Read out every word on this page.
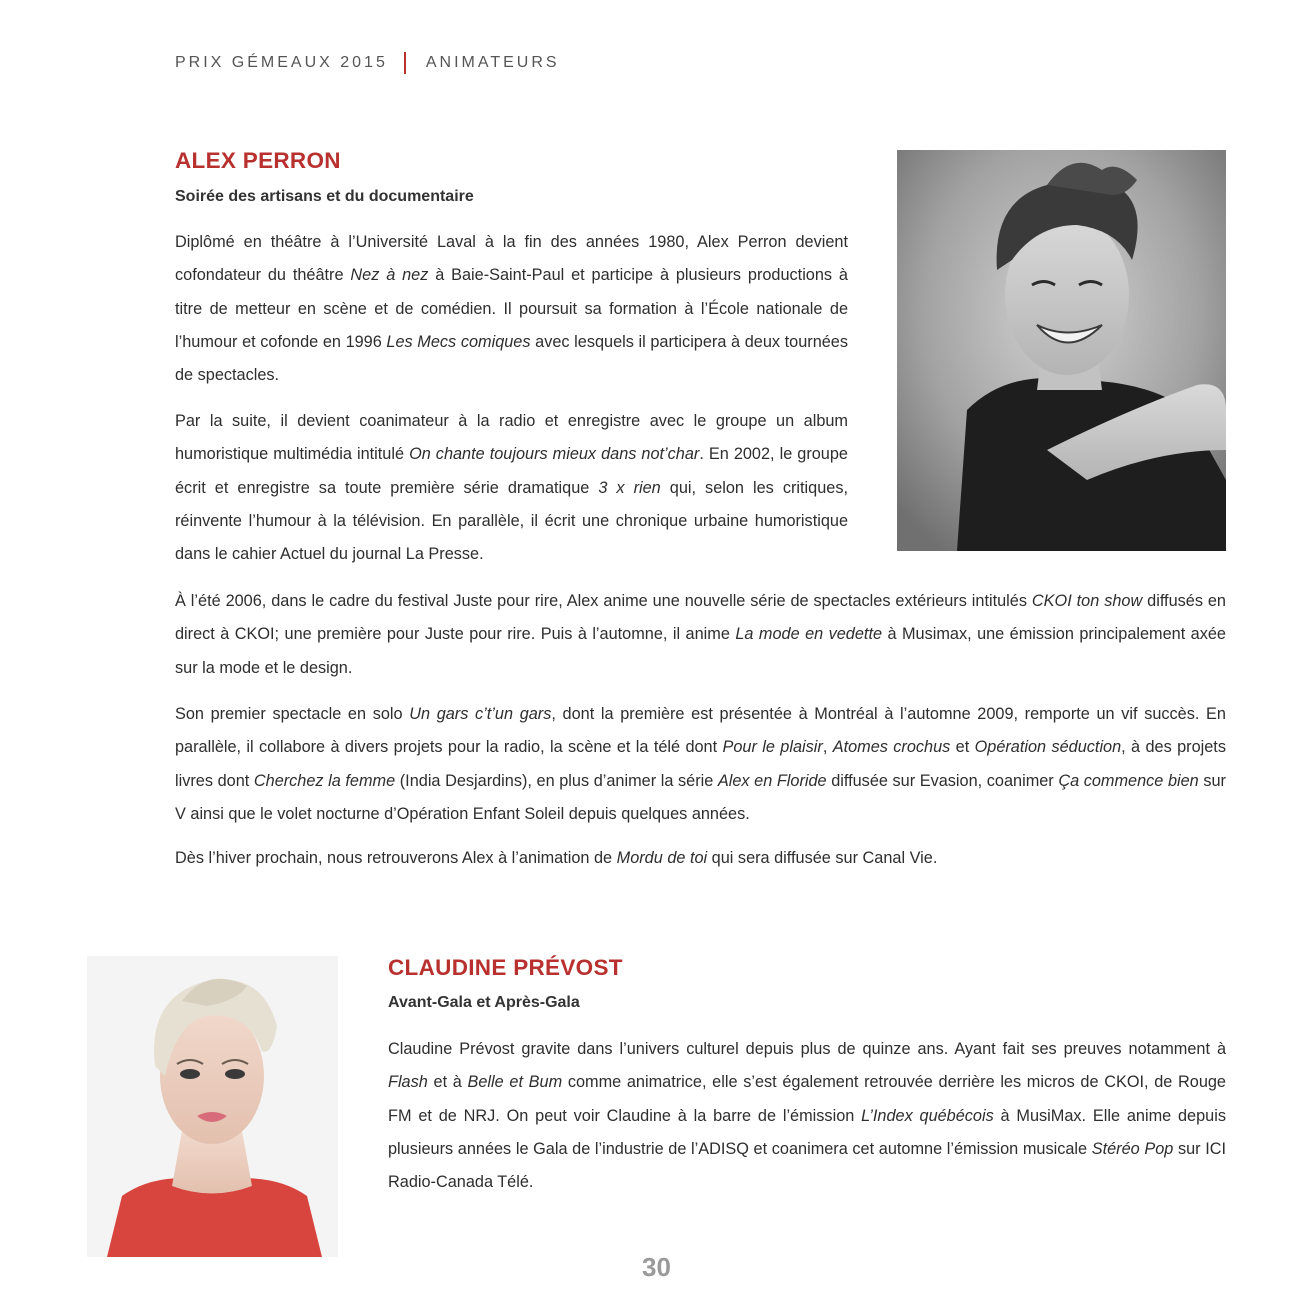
PRIX GÉMEAUX 2015 ANIMATEURS
ALEX PERRON

Soirée des artisans et du documentaire

Diplômé en théâtre à l’Université Laval à la fin des années 1980, Alex Perron devient cofondateur du théâtre Nez à nez à Baie-Saint-Paul et participe à plusieurs productions à titre de metteur en scène et de comédien. Il poursuit sa formation à l’École nationale de l’humour et cofonde en 1996 Les Mecs comiques avec lesquels il participera à deux tournées de spectacles.

Par la suite, il devient coanimateur à la radio et enregistre avec le groupe un album humoristique multimédia intitulé On chante toujours mieux dans not’char. En 2002, le groupe écrit et enregistre sa toute première série dramatique 3 x rien qui, selon les critiques, réinvente l’humour à la télévision. En parallèle, il écrit une chronique urbaine humoristique dans le cahier Actuel du journal La Presse.

À l’été 2006, dans le cadre du festival Juste pour rire, Alex anime une nouvelle série de spectacles extérieurs intitulés CKOI ton show diffusés en direct à CKOI; une première pour Juste pour rire. Puis à l’automne, il anime La mode en vedette à Musimax, une émission principalement axée sur la mode et le design.

Son premier spectacle en solo Un gars c’t’un gars, dont la première est présentée à Montréal à l’automne 2009, remporte un vif succès. En parallèle, il collabore à divers projets pour la radio, la scène et la télé dont Pour le plaisir, Atomes crochus et Opération séduction, à des projets livres dont Cherchez la femme (India Desjardins), en plus d’animer la série Alex en Floride diffusée sur Evasion, coanimer Ça commence bien sur V ainsi que le volet nocturne d’Opération Enfant Soleil depuis quelques années.

Dès l’hiver prochain, nous retrouverons Alex à l’animation de Mordu de toi qui sera diffusée sur Canal Vie.

CLAUDINE PRÉVOST

Avant-Gala et Après-Gala

Claudine Prévost gravite dans l’univers culturel depuis plus de quinze ans. Ayant fait ses preuves notamment à Flash et à Belle et Bum comme animatrice, elle s’est également retrouvée derrière les micros de CKOI, de Rouge FM et de NRJ. On peut voir Claudine à la barre de l’émission L’Index québécois à MusiMax. Elle anime depuis plusieurs années le Gala de l’industrie de l’ADISQ et coanimera cet automne l’émission musicale Stéréo Pop sur ICI Radio-Canada Télé.

30
